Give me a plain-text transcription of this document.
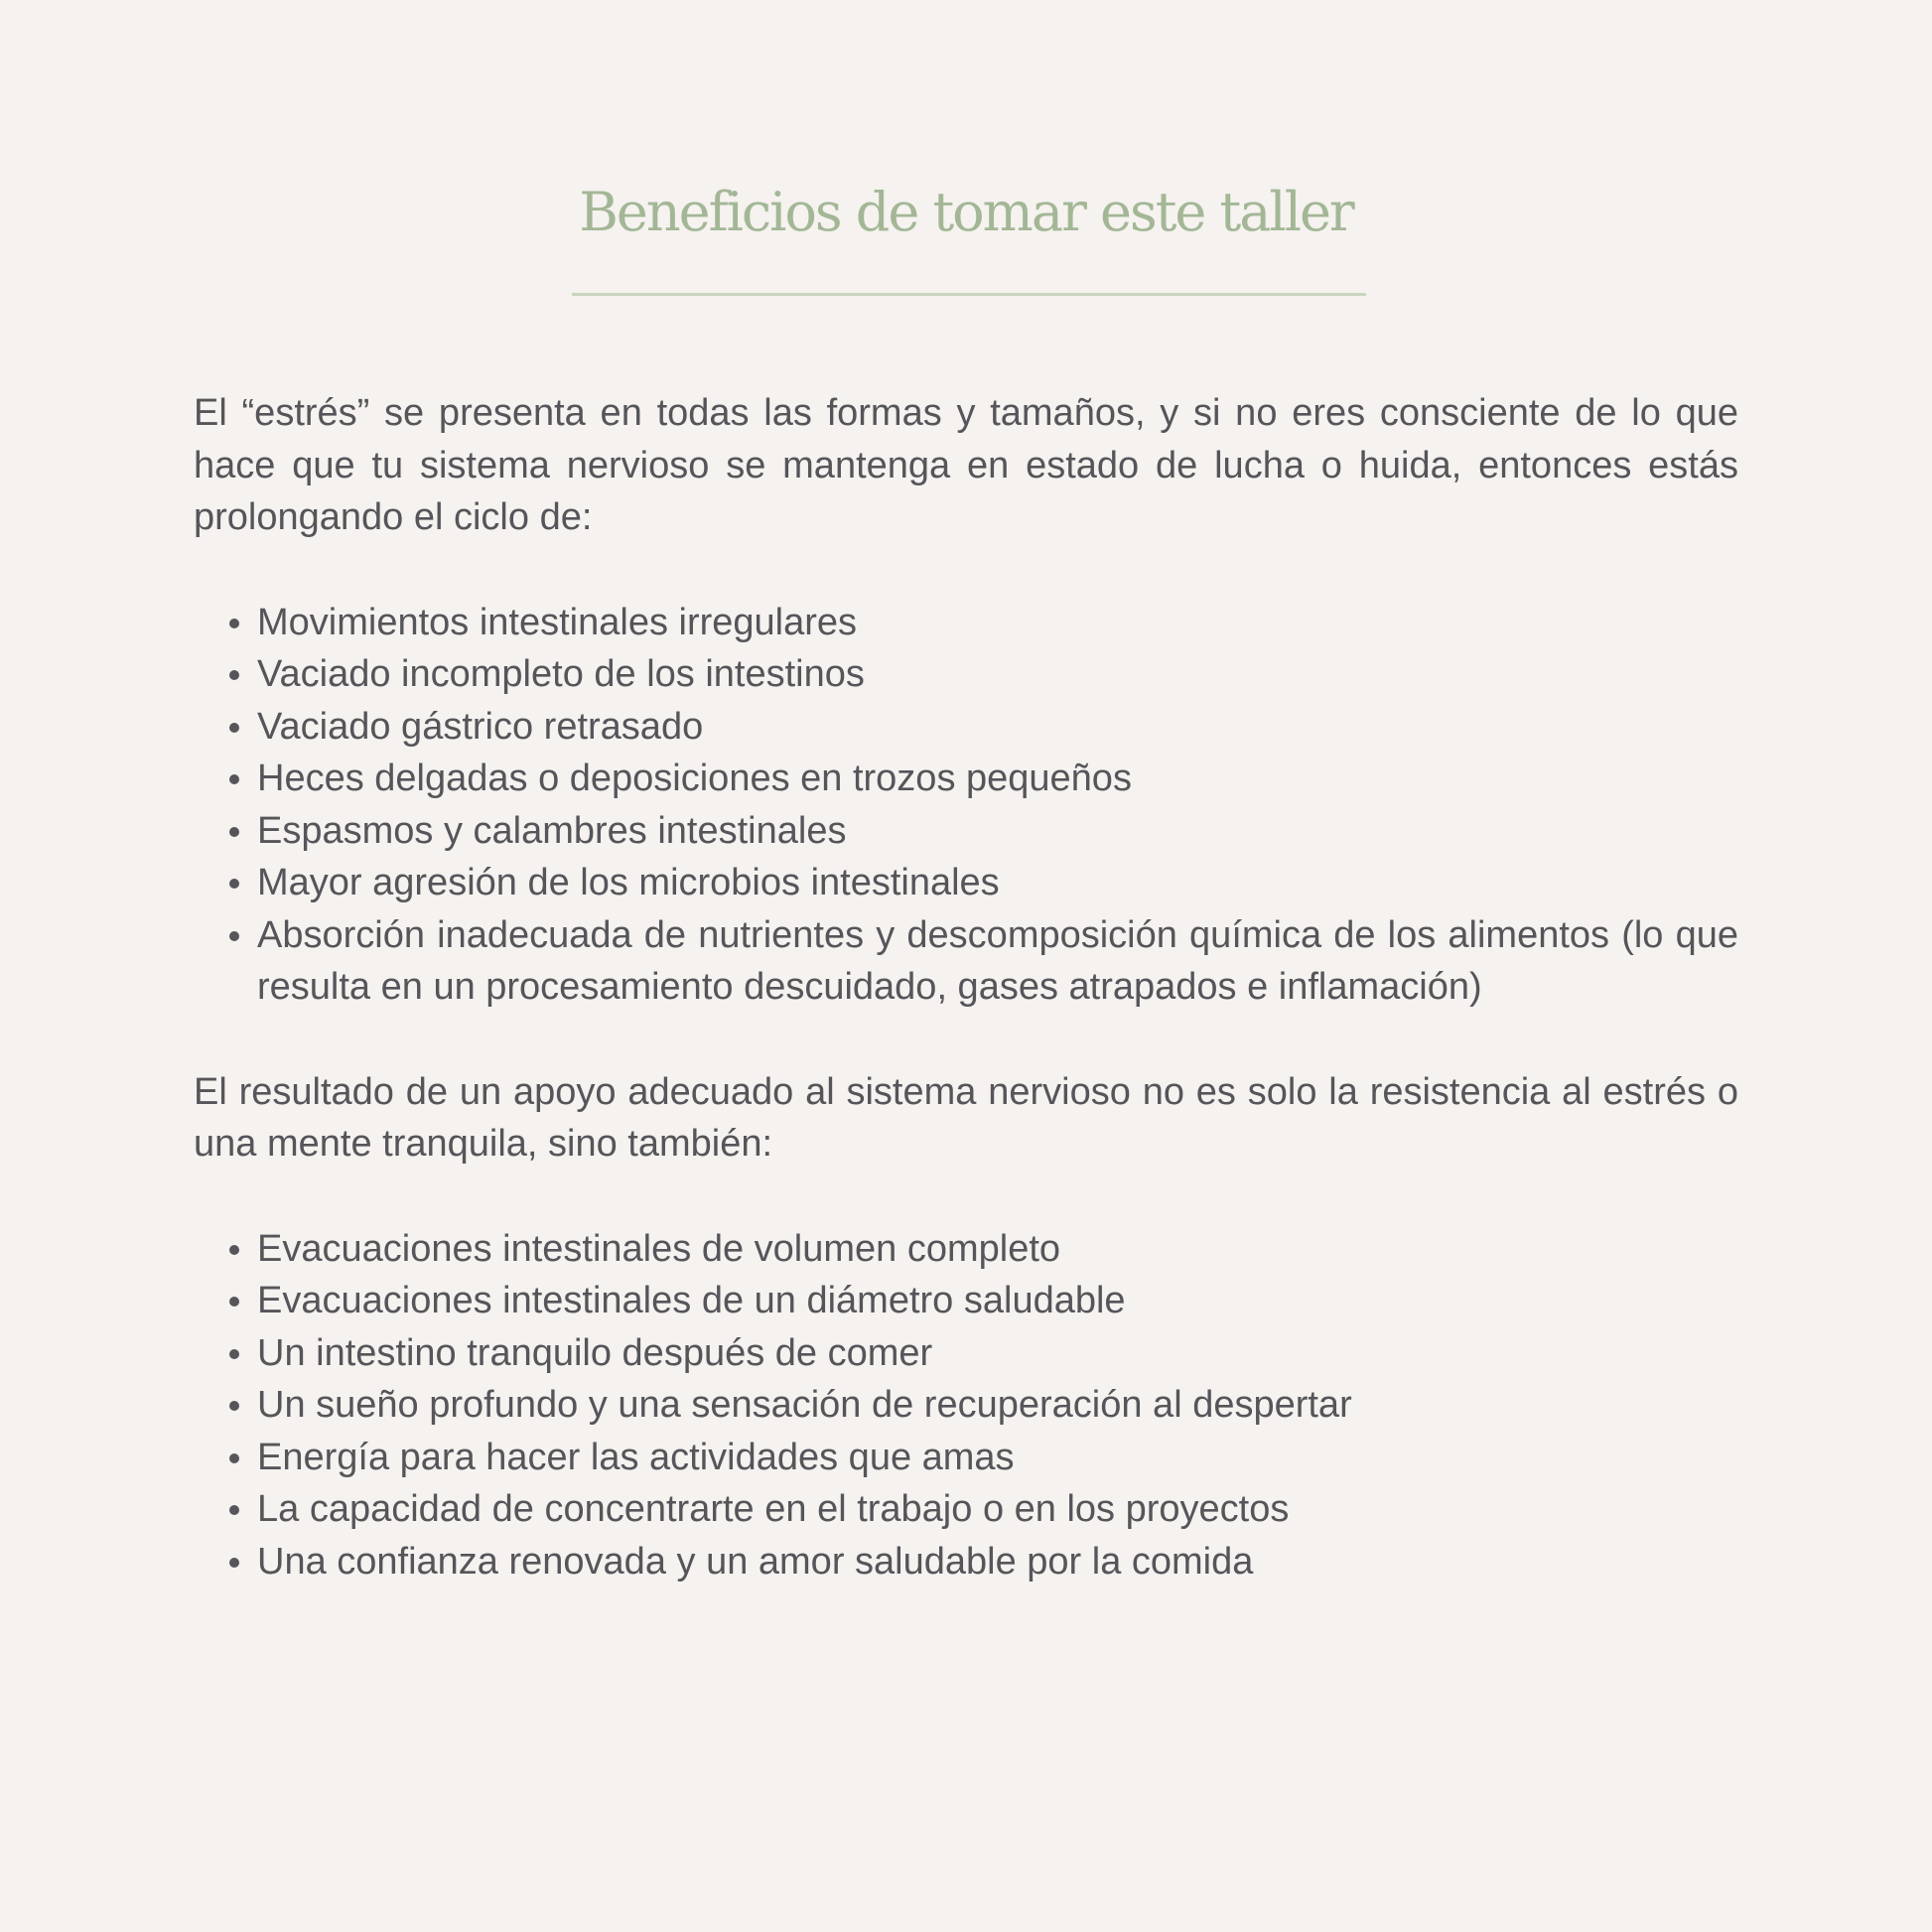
Beneficios de tomar este taller

El “estrés” se presenta en todas las formas y tamaños, y si no eres consciente de lo que hace que tu sistema nervioso se mantenga en estado de lucha o huida, entonces estás prolongando el ciclo de:

Movimientos intestinales irregulares
Vaciado incompleto de los intestinos
Vaciado gástrico retrasado
Heces delgadas o deposiciones en trozos pequeños
Espasmos y calambres intestinales
Mayor agresión de los microbios intestinales
Absorción inadecuada de nutrientes y descomposición química de los alimentos (lo que resulta en un procesamiento descuidado, gases atrapados e inflamación)

El resultado de un apoyo adecuado al sistema nervioso no es solo la resistencia al estrés o una mente tranquila, sino también:

Evacuaciones intestinales de volumen completo
Evacuaciones intestinales de un diámetro saludable
Un intestino tranquilo después de comer
Un sueño profundo y una sensación de recuperación al despertar
Energía para hacer las actividades que amas
La capacidad de concentrarte en el trabajo o en los proyectos
Una confianza renovada y un amor saludable por la comida
